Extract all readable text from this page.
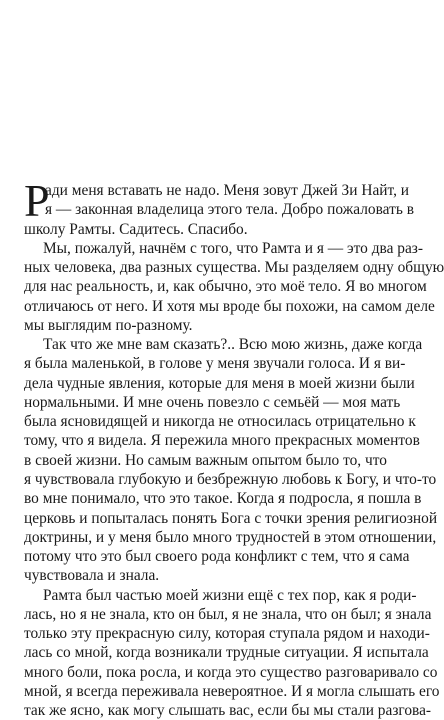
Р
ади меня вставать не надо. Меня зовут Джей Зи Найт, и
я — законная владелица этого тела. Добро пожаловать в
школу Рамты. Садитесь. Спасибо.
Мы, пожалуй, начнём с того, что Рамта и я — это два раз-
ных человека, два разных существа. Мы разделяем одну общую
для нас реальность, и, как обычно, это моё тело. Я во многом
отличаюсь от него. И хотя мы вроде бы похожи, на самом деле
мы выглядим по-разному.
Так что же мне вам сказать?.. Всю мою жизнь, даже когда
я была маленькой, в голове у меня звучали голоса. И я ви-
дела чудные явления, которые для меня в моей жизни были
нормальными. И мне очень повезло с семьёй — моя мать
была ясновидящей и никогда не относилась отрицательно к
тому, что я видела. Я пережила много прекрасных моментов
в своей жизни. Но самым важным опытом было то, что
я чувствовала глубокую и безбрежную любовь к Богу, и что-то
во мне понимало, что это такое. Когда я подросла, я пошла в
церковь и попыталась понять Бога с точки зрения религиозной
доктрины, и у меня было много трудностей в этом отношении,
потому что это был своего рода конфликт с тем, что я сама
чувствовала и знала.
Рамта был частью моей жизни ещё с тех пор, как я роди-
лась, но я не знала, кто он был, я не знала, что он был; я знала
только эту прекрасную силу, которая ступала рядом и находи-
лась со мной, когда возникали трудные ситуации. Я испытала
много боли, пока росла, и когда это существо разговаривало со
мной, я всегда переживала невероятное. И я могла слышать его
так же ясно, как могу слышать вас, если бы мы стали разгова-
